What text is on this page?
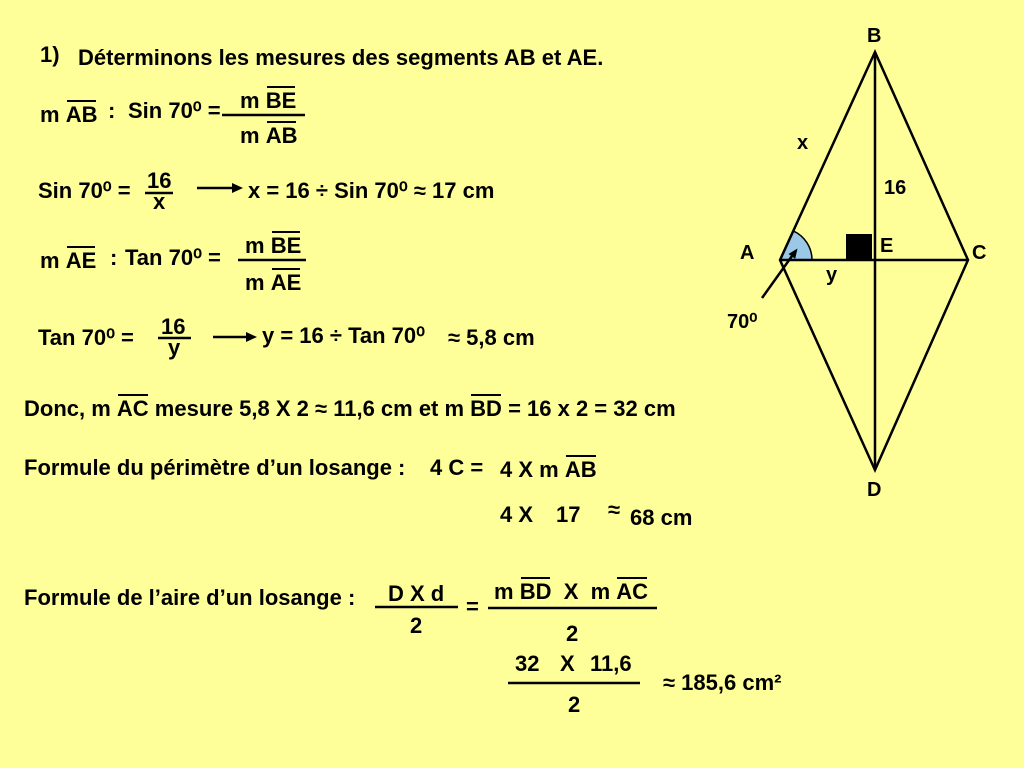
1) Déterminons les mesures des segments AB et AE.
m AB : Sin 70⁰ = m BE
m AB
Sin 70⁰ = 16
x	x = 16 ÷ Sin 70⁰ ≈ 17 cm
m AE : Tan 70⁰ = m BE
m AE
Tan 70⁰ = 16
y	y = 16 ÷ Tan 70⁰ ≈ 5,8 cm
Donc, m AC mesure 5,8 X 2 ≈ 11,6 cm et m BD = 16 x 2 = 32 cm
Formule du périmètre d’un losange : 4 C = 4 X m AB
4 X 17 ≈ 68 cm
Formule de l’aire d’un losange : D X d
2
=
m BD  X  m AC
2
32 X 11,6
2
≈ 185,6 cm²
B
A	E	C
D
x
16
y
70⁰
